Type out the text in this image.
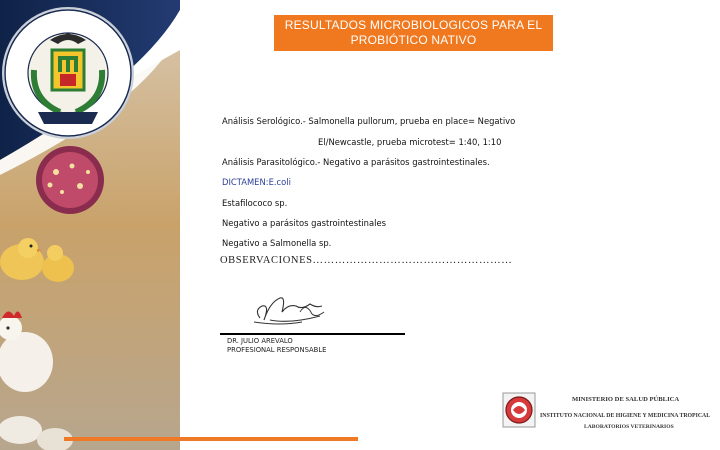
RESULTADOS MICROBIOLOGICOS PARA EL
PROBIÓTICO NATIVO
Análisis Serológico.- Salmonella pullorum, prueba en place= Negativo
El/Newcastle, prueba microtest= 1:40, 1:10
Análisis Parasitológico.- Negativo a parásitos gastrointestinales.
DICTAMEN:E.coli
Estafilococo sp.
Negativo a parásitos gastrointestinales
Negativo a Salmonella sp.
OBSERVACIONES………………………………………………
DR. JULIO AREVALO
PROFESIONAL RESPONSABLE
MINISTERIO DE SALUD PÚBLICA
INSTITUTO NACIONAL DE HIGIENE Y MEDICINA TROPICAL
LABORATORIOS VETERINARIOS
